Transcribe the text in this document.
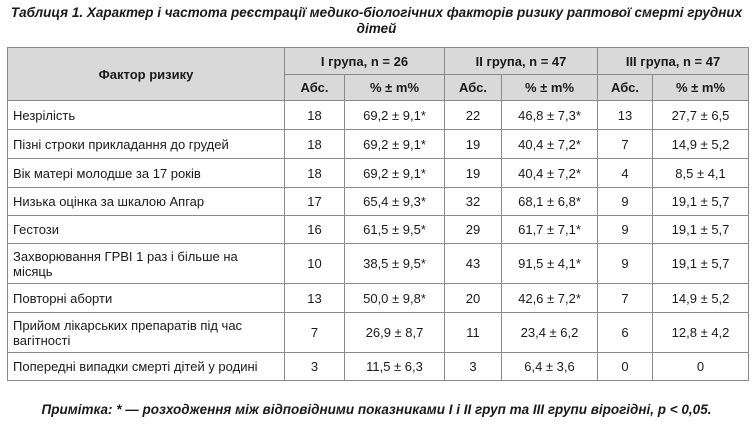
Таблиця 1. Характер і частота реєстрації медико-біологічних факторів ризику раптової смерті грудних дітей
Фактор ризику	І група, n = 26		ІІ група, n = 47		ІІІ група, n = 47	
	Абс.	% ± m%	Абс.	% ± m%	Абс.	% ± m%
Незрілість	18	69,2 ± 9,1*	22	46,8 ± 7,3*	13	27,7 ± 6,5
Пізні строки прикладання до грудей	18	69,2 ± 9,1*	19	40,4 ± 7,2*	7	14,9 ± 5,2
Вік матері молодше за 17 років	18	69,2 ± 9,1*	19	40,4 ± 7,2*	4	8,5 ± 4,1
Низька оцінка за шкалою Апгар	17	65,4 ± 9,3*	32	68,1 ± 6,8*	9	19,1 ± 5,7
Гестози	16	61,5 ± 9,5*	29	61,7 ± 7,1*	9	19,1 ± 5,7
Захворювання ГРВІ 1 раз і більше на місяць	10	38,5 ± 9,5*	43	91,5 ± 4,1*	9	19,1 ± 5,7
Повторні аборти	13	50,0 ± 9,8*	20	42,6 ± 7,2*	7	14,9 ± 5,2
Прийом лікарських препаратів під час вагітності	7	26,9 ± 8,7	11	23,4 ± 6,2	6	12,8 ± 4,2
Попередні випадки смерті дітей у родині	3	11,5 ± 6,3	3	6,4 ± 3,6	0	0
Примітка: * — розходження між відповідними показниками І і ІІ груп та ІІІ групи вірогідні, р < 0,05.
